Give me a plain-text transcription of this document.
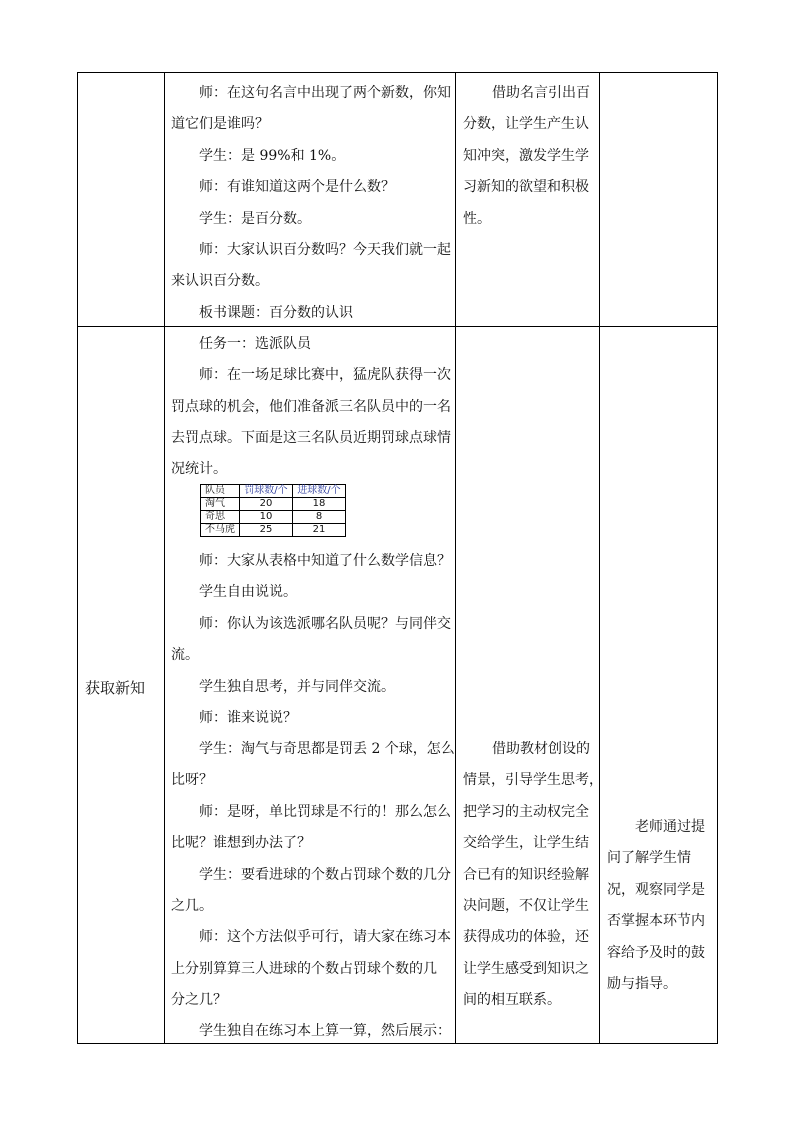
师：在这句名言中出现了两个新数，你知
道它们是谁吗？
学生：是 99%和 1%。
师：有谁知道这两个是什么数？
学生：是百分数。
师：大家认识百分数吗？今天我们就一起
来认识百分数。
板书课题：百分数的认识
借助名言引出百
分数，让学生产生认
知冲突，激发学生学
习新知的欲望和积极
性。
获取新知
任务一：选派队员
师：在一场足球比赛中，猛虎队获得一次
罚点球的机会，他们准备派三名队员中的一名
去罚点球。下面是这三名队员近期罚球点球情
况统计。
队员	罚球数/个	进球数/个
淘气	20	18
奇思	10	8
不马虎	25	21
师：大家从表格中知道了什么数学信息？
学生自由说说。
师：你认为该选派哪名队员呢？与同伴交
流。
学生独自思考，并与同伴交流。
师：谁来说说？
学生：淘气与奇思都是罚丢 2 个球，怎么
比呀？
师：是呀，单比罚球是不行的！那么怎么
比呢？谁想到办法了？
学生：要看进球的个数占罚球个数的几分
之几。
师：这个方法似乎可行，请大家在练习本
上分别算算三人进球的个数占罚球个数的几
分之几？
学生独自在练习本上算一算，然后展示：
借助教材创设的
情景，引导学生思考，
把学习的主动权完全
交给学生，让学生结
合已有的知识经验解
决问题，不仅让学生
获得成功的体验，还
让学生感受到知识之
间的相互联系。
老师通过提
问了解学生情
况，观察同学是
否掌握本环节内
容给予及时的鼓
励与指导。
